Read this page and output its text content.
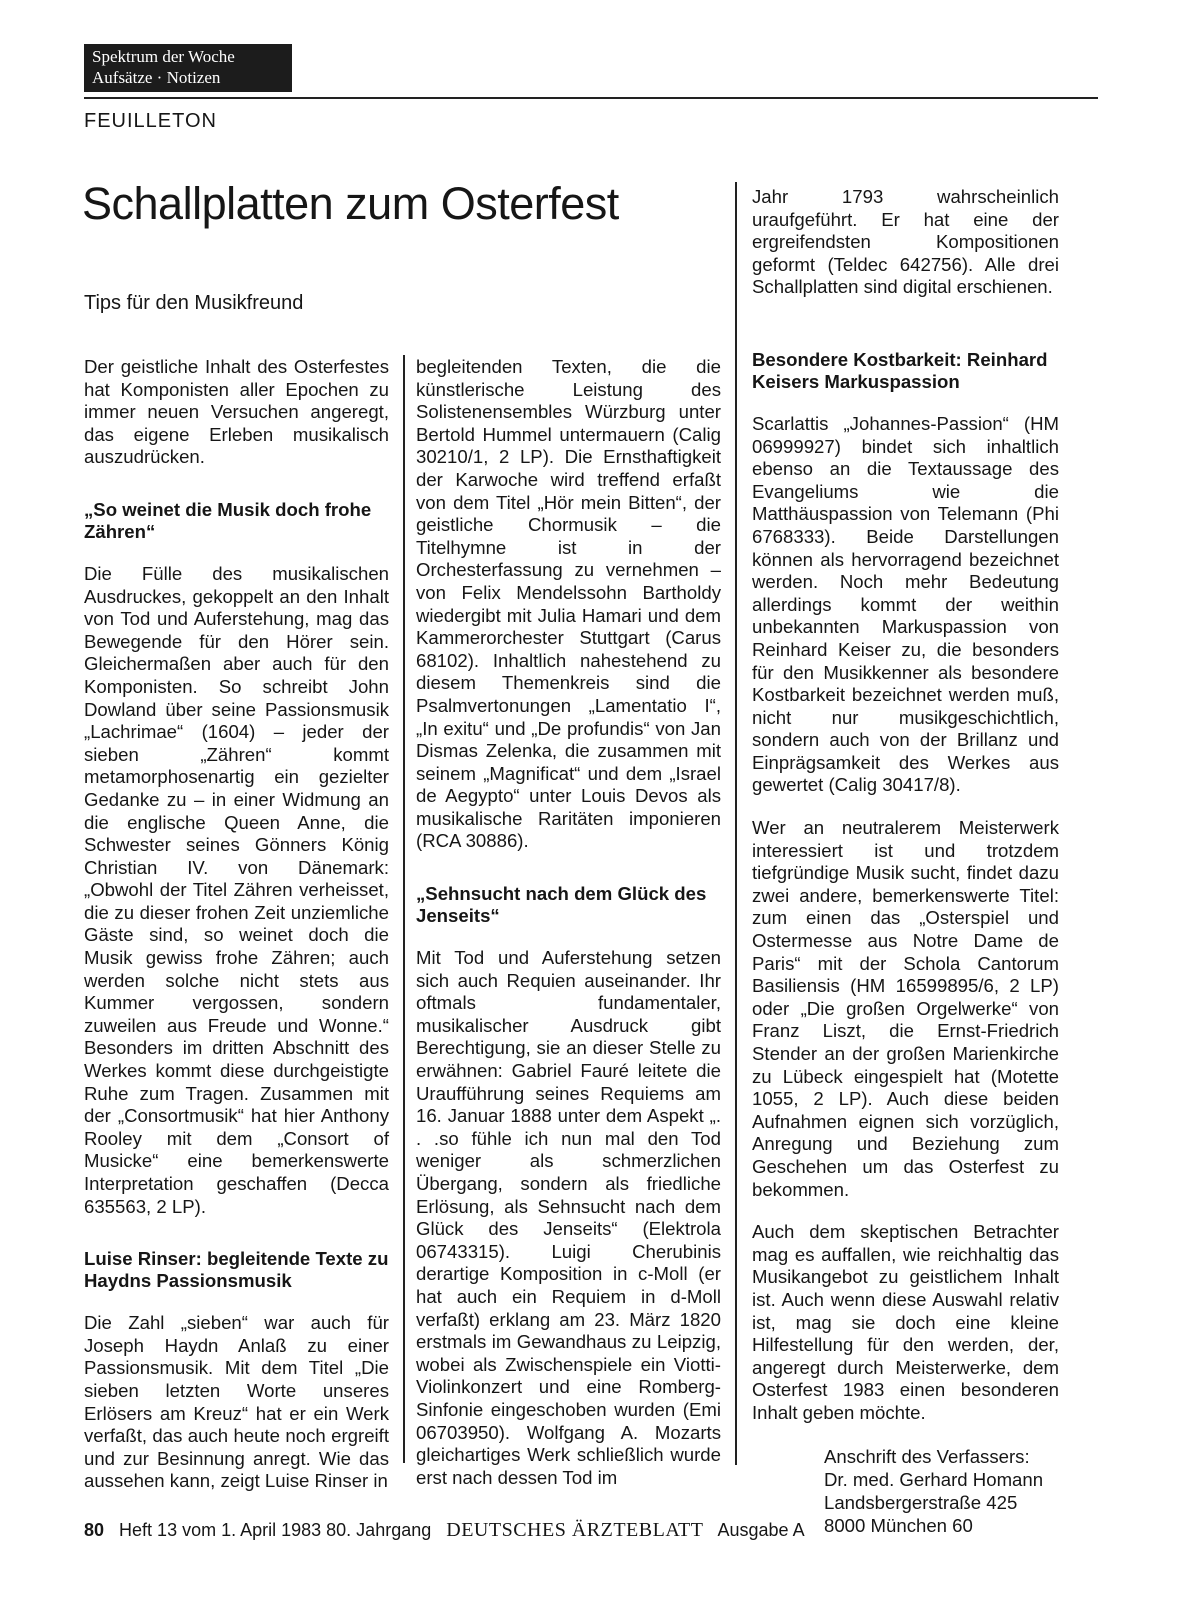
Spektrum der Woche
Aufsätze · Notizen
FEUILLETON
Schallplatten zum Osterfest
Tips für den Musikfreund

Der geistliche Inhalt des Osterfestes hat Komponisten aller Epochen zu immer neuen Versuchen angeregt, das eigene Erleben musikalisch auszudrücken.

„So weinet die Musik doch frohe Zähren“

Die Fülle des musikalischen Ausdruckes, gekoppelt an den Inhalt von Tod und Auferstehung, mag das Bewegende für den Hörer sein. Gleichermaßen aber auch für den Komponisten. So schreibt John Dowland über seine Passionsmusik „Lachrimae“ (1604) – jeder der sieben „Zähren“ kommt metamorphosenartig ein gezielter Gedanke zu – in einer Widmung an die englische Queen Anne, die Schwester seines Gönners König Christian IV. von Dänemark: „Obwohl der Titel Zähren verheisset, die zu dieser frohen Zeit unziemliche Gäste sind, so weinet doch die Musik gewiss frohe Zähren; auch werden solche nicht stets aus Kummer vergossen, sondern zuweilen aus Freude und Wonne.“ Besonders im dritten Abschnitt des Werkes kommt diese durchgeistigte Ruhe zum Tragen. Zusammen mit der „Consortmusik“ hat hier Anthony Rooley mit dem „Consort of Musicke“ eine bemerkenswerte Interpretation geschaffen (Decca 635563, 2 LP).

Luise Rinser: begleitende Texte zu Haydns Passionsmusik

Die Zahl „sieben“ war auch für Joseph Haydn Anlaß zu einer Passionsmusik. Mit dem Titel „Die sieben letzten Worte unseres Erlösers am Kreuz“ hat er ein Werk verfaßt, das auch heute noch ergreift und zur Besinnung anregt. Wie das aussehen kann, zeigt Luise Rinser in

begleitenden Texten, die die künstlerische Leistung des Solistenensembles Würzburg unter Bertold Hummel untermauern (Calig 30210/1, 2 LP). Die Ernsthaftigkeit der Karwoche wird treffend erfaßt von dem Titel „Hör mein Bitten“, der geistliche Chormusik – die Titelhymne ist in der Orchesterfassung zu vernehmen – von Felix Mendelssohn Bartholdy wiedergibt mit Julia Hamari und dem Kammerorchester Stuttgart (Carus 68102). Inhaltlich nahestehend zu diesem Themenkreis sind die Psalmvertonungen „Lamentatio I“, „In exitu“ und „De profundis“ von Jan Dismas Zelenka, die zusammen mit seinem „Magnificat“ und dem „Israel de Aegypto“ unter Louis Devos als musikalische Raritäten imponieren (RCA 30886).

„Sehnsucht nach dem Glück des Jenseits“

Mit Tod und Auferstehung setzen sich auch Requien auseinander. Ihr oftmals fundamentaler, musikalischer Ausdruck gibt Berechtigung, sie an dieser Stelle zu erwähnen: Gabriel Fauré leitete die Uraufführung seines Requiems am 16. Januar 1888 unter dem Aspekt „. . .so fühle ich nun mal den Tod weniger als schmerzlichen Übergang, sondern als friedliche Erlösung, als Sehnsucht nach dem Glück des Jenseits“ (Elektrola 06743315). Luigi Cherubinis derartige Komposition in c-Moll (er hat auch ein Requiem in d-Moll verfaßt) erklang am 23. März 1820 erstmals im Gewandhaus zu Leipzig, wobei als Zwischenspiele ein Viotti-Violinkonzert und eine Romberg-Sinfonie eingeschoben wurden (Emi 06703950). Wolfgang A. Mozarts gleichartiges Werk schließlich wurde erst nach dessen Tod im

Jahr 1793 wahrscheinlich uraufgeführt. Er hat eine der ergreifendsten Kompositionen geformt (Teldec 642756). Alle drei Schallplatten sind digital erschienen.

Besondere Kostbarkeit: Reinhard Keisers Markuspassion

Scarlattis „Johannes-Passion“ (HM 06999927) bindet sich inhaltlich ebenso an die Textaussage des Evangeliums wie die Matthäuspassion von Telemann (Phi 6768333). Beide Darstellungen können als hervorragend bezeichnet werden. Noch mehr Bedeutung allerdings kommt der weithin unbekannten Markuspassion von Reinhard Keiser zu, die besonders für den Musikkenner als besondere Kostbarkeit bezeichnet werden muß, nicht nur musikgeschichtlich, sondern auch von der Brillanz und Einprägsamkeit des Werkes aus gewertet (Calig 30417/8).

Wer an neutralerem Meisterwerk interessiert ist und trotzdem tiefgründige Musik sucht, findet dazu zwei andere, bemerkenswerte Titel: zum einen das „Osterspiel und Ostermesse aus Notre Dame de Paris“ mit der Schola Cantorum Basiliensis (HM 16599895/6, 2 LP) oder „Die großen Orgelwerke“ von Franz Liszt, die Ernst-Friedrich Stender an der großen Marienkirche zu Lübeck eingespielt hat (Motette 1055, 2 LP). Auch diese beiden Aufnahmen eignen sich vorzüglich, Anregung und Beziehung zum Geschehen um das Osterfest zu bekommen.

Auch dem skeptischen Betrachter mag es auffallen, wie reichhaltig das Musikangebot zu geistlichem Inhalt ist. Auch wenn diese Auswahl relativ ist, mag sie doch eine kleine Hilfestellung für den werden, der, angeregt durch Meisterwerke, dem Osterfest 1983 einen besonderen Inhalt geben möchte.

Anschrift des Verfassers:
Dr. med. Gerhard Homann
Landsbergerstraße 425
8000 München 60
80 Heft 13 vom 1. April 1983 80. Jahrgang DEUTSCHES ÄRZTEBLATT Ausgabe A
